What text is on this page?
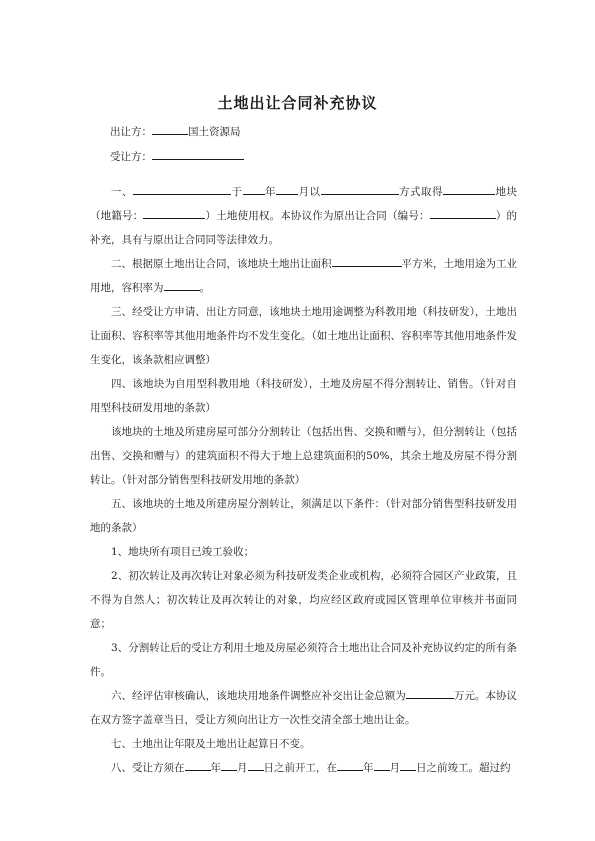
土地出让合同补充协议
出让方：	国土资源局
受让方：

一、	于 年 月以	方式取得	地块（地籍号：	）土地使用权。本协议作为原出让合同（编号：	）的补充，具有与原出让合同同等法律效力。

二、根据原土地出让合同，该地块土地出让面积	平方米，土地用途为工业用地，容积率为	。

三、经受让方申请、出让方同意，该地块土地用途调整为科教用地（科技研发），土地出让面积、容积率等其他用地条件均不发生变化。（如土地出让面积、容积率等其他用地条件发生变化，该条款相应调整）

四、该地块为自用型科教用地（科技研发），土地及房屋不得分割转让、销售。（针对自用型科技研发用地的条款）

该地块的土地及所建房屋可部分分割转让（包括出售、交换和赠与），但分割转让（包括出售、交换和赠与）的建筑面积不得大于地上总建筑面积的50%，其余土地及房屋不得分割转让。（针对部分销售型科技研发用地的条款）

五、该地块的土地及所建房屋分割转让，须满足以下条件：（针对部分销售型科技研发用地的条款）

1、地块所有项目已竣工验收；

2、初次转让及再次转让对象必须为科技研发类企业或机构，必须符合园区产业政策，且不得为自然人；初次转让及再次转让的对象，均应经区政府或园区管理单位审核并书面同意；

3、分割转让后的受让方利用土地及房屋必须符合土地出让合同及补充协议约定的所有条件。

六、经评估审核确认，该地块用地条件调整应补交出让金总额为	万元。本协议在双方签字盖章当日，受让方须向出让方一次性交清全部土地出让金。

七、土地出让年限及土地出让起算日不变。

八、受让方须在 年 月 日之前开工，在 年 月 日之前竣工。超过约
